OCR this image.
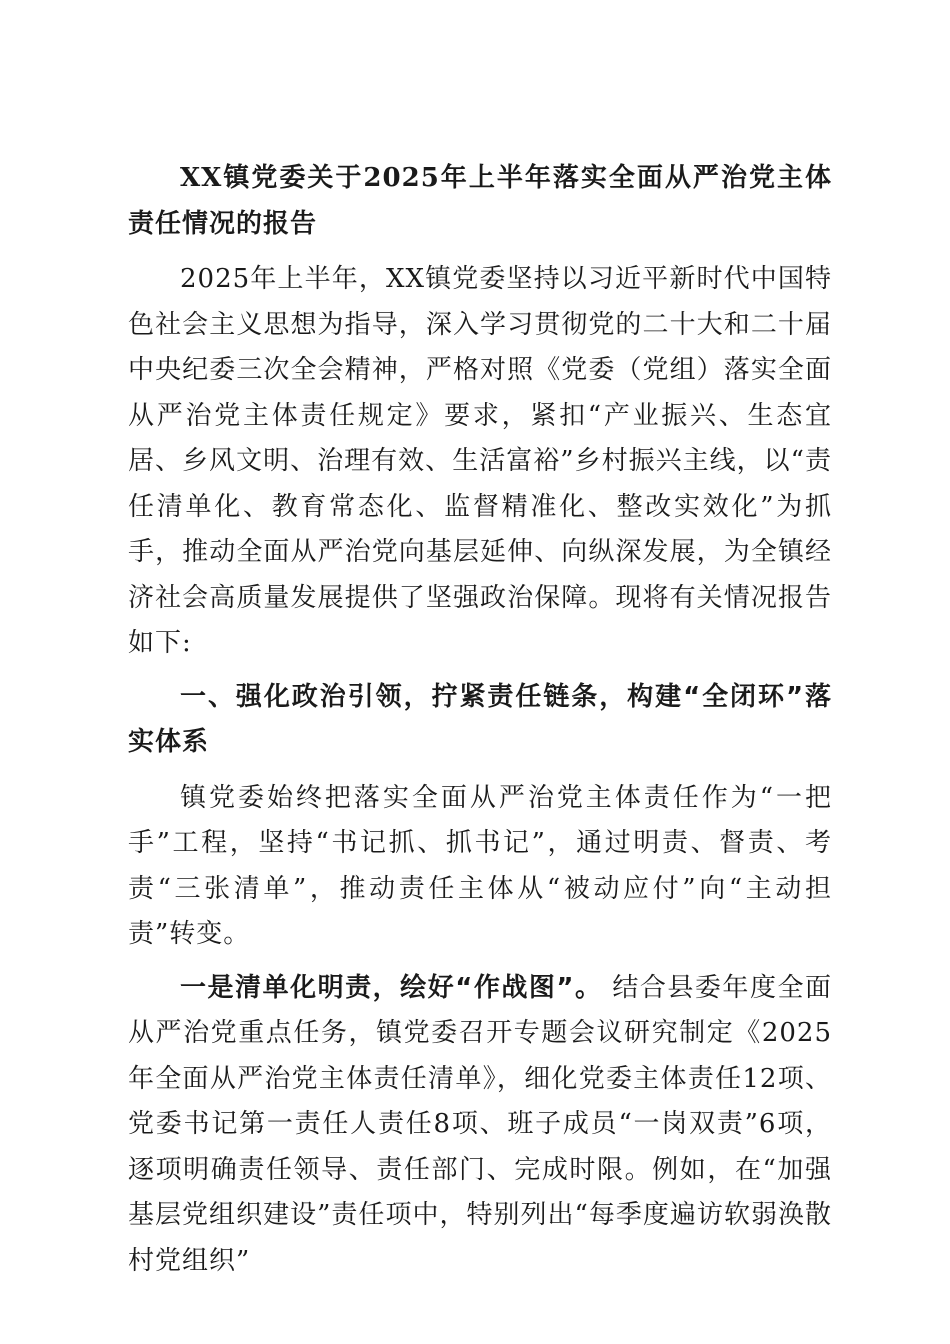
XX镇党委关于2025年上半年落实全面从严治党主体责任情况的报告

2025年上半年，XX镇党委坚持以习近平新时代中国特色社会主义思想为指导，深入学习贯彻党的二十大和二十届中央纪委三次全会精神，严格对照《党委（党组）落实全面从严治党主体责任规定》要求，紧扣“产业振兴、生态宜居、乡风文明、治理有效、生活富裕”乡村振兴主线，以“责任清单化、教育常态化、监督精准化、整改实效化”为抓手，推动全面从严治党向基层延伸、向纵深发展，为全镇经济社会高质量发展提供了坚强政治保障。现将有关情况报告如下:

一、强化政治引领，拧紧责任链条，构建“全闭环”落实体系

镇党委始终把落实全面从严治党主体责任作为“一把手”工程，坚持“书记抓、抓书记”，通过明责、督责、考责“三张清单”，推动责任主体从“被动应付”向“主动担责”转变。

一是清单化明责，绘好“作战图”。 结合县委年度全面从严治党重点任务，镇党委召开专题会议研究制定《2025年全面从严治党主体责任清单》，细化党委主体责任12项、党委书记第一责任人责任8项、班子成员“一岗双责”6项，逐项明确责任领导、责任部门、完成时限。例如，在“加强基层党组织建设”责任项中，特别列出“每季度遍访软弱涣散村党组织”
